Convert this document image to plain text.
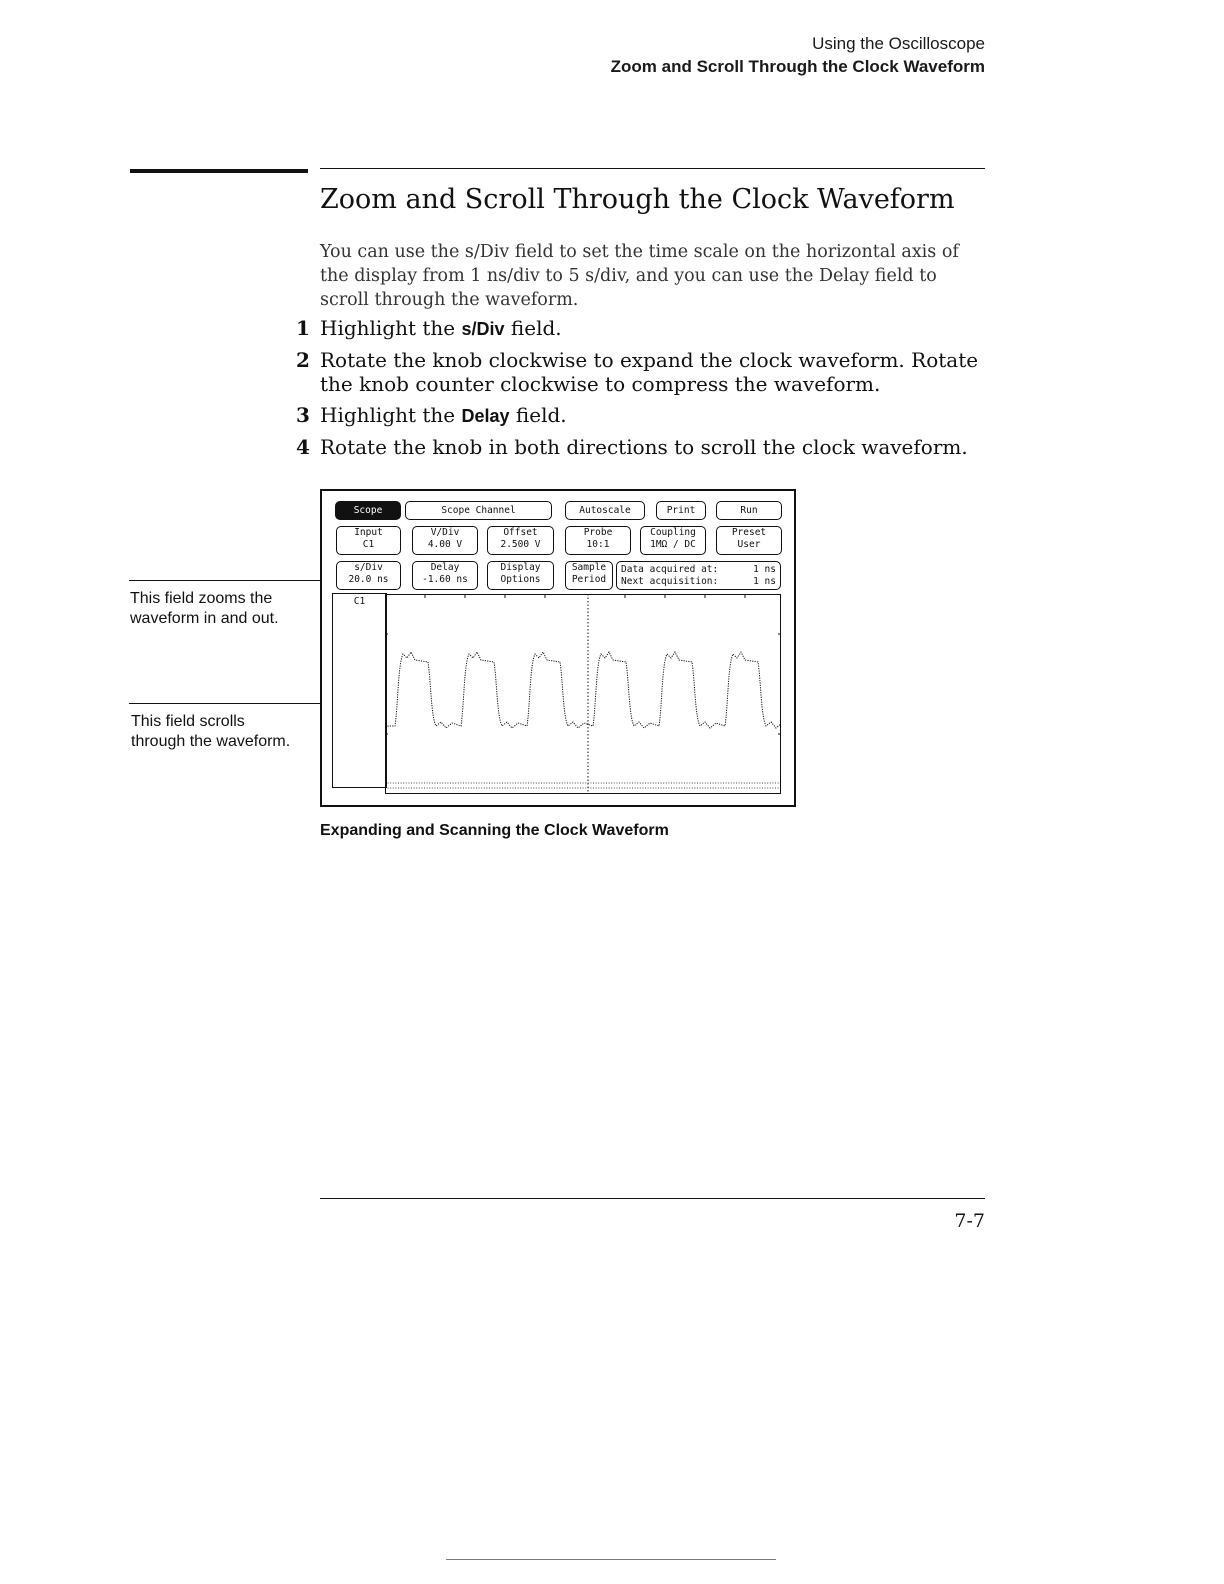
Using the Oscilloscope
Zoom and Scroll Through the Clock Waveform
Zoom and Scroll Through the Clock Waveform

You can use the s/Div field to set the time scale on the horizontal axis of the display from 1 ns/div to 5 s/div, and you can use the Delay field to scroll through the waveform.

1 Highlight the s/Div field.
2 Rotate the knob clockwise to expand the clock waveform. Rotate the knob counter clockwise to compress the waveform.
3 Highlight the Delay field.
4 Rotate the knob in both directions to scroll the clock waveform.
This field zooms the
waveform in and out.
This field scrolls
through the waveform.
Scope	Scope Channel	Autoscale	Print	Run
Input
C1
V/Div
4.00 V
Offset
2.500 V
Probe
10:1
Coupling
1MΩ / DC
Preset
User
s/Div
20.0 ns
Delay
-1.60 ns
Display
Options
Sample
Period
Data acquired at:	1 ns
Next acquisition:	1 ns
C1
Expanding and Scanning the Clock Waveform
7-7
